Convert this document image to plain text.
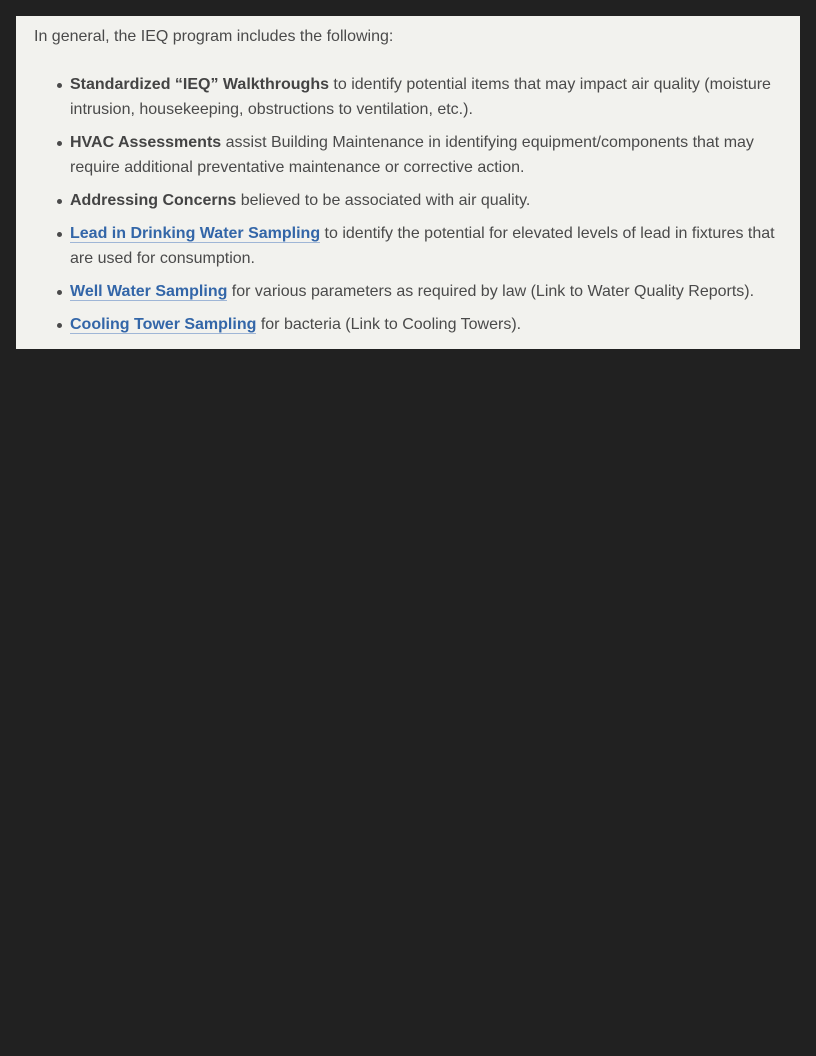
In general, the IEQ program includes the following:

Standardized “IEQ” Walkthroughs to identify potential items that may impact air quality (moisture intrusion, housekeeping, obstructions to ventilation, etc.).
HVAC Assessments assist Building Maintenance in identifying equipment/components that may require additional preventative maintenance or corrective action.
Addressing Concerns believed to be associated with air quality.
Lead in Drinking Water Sampling to identify the potential for elevated levels of lead in fixtures that are used for consumption.
Well Water Sampling for various parameters as required by law (Link to Water Quality Reports).
Cooling Tower Sampling for bacteria (Link to Cooling Towers).
